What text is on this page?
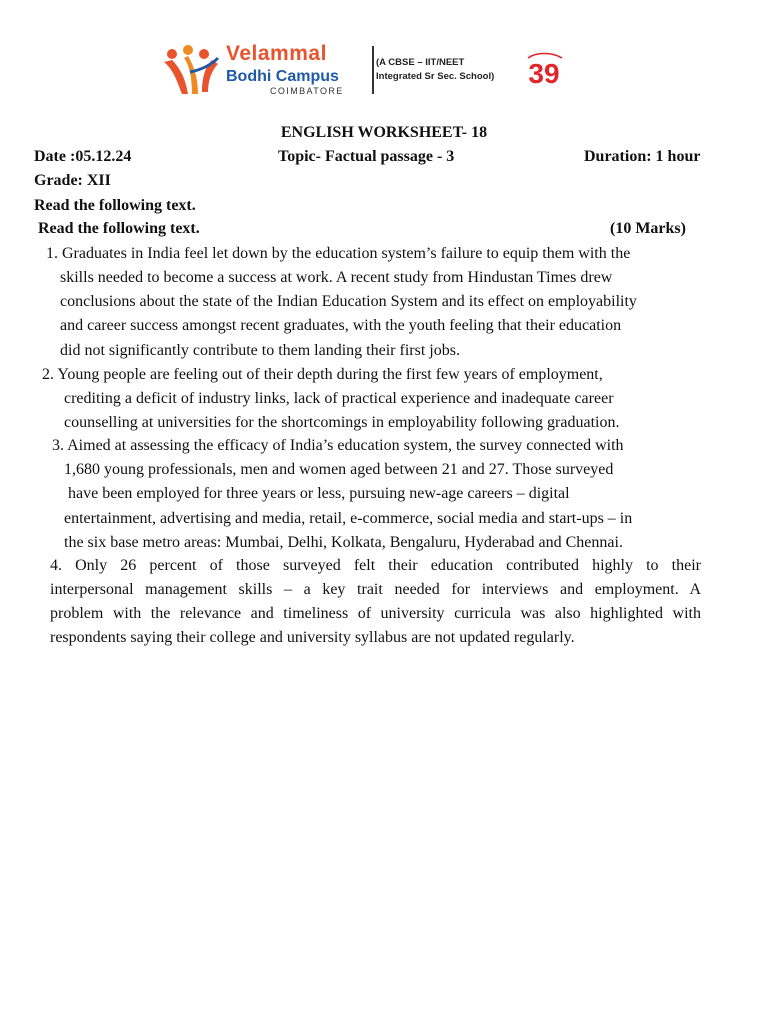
Velammal
Bodhi Campus
COIMBATORE
(A CBSE – IIT/NEET
Integrated Sr Sec. School) 39
ENGLISH WORKSHEET- 18
Date :05.12.24	Topic- Factual passage - 3	Duration: 1 hour
Grade: XII
Read the following text.
Read the following text.	(10 Marks)
1. Graduates in India feel let down by the education system’s failure to equip them with the
skills needed to become a success at work. A recent study from Hindustan Times drew
conclusions about the state of the Indian Education System and its effect on employability
and career success amongst recent graduates, with the youth feeling that their education
did not significantly contribute to them landing their first jobs.
2. Young people are feeling out of their depth during the first few years of employment,
crediting a deficit of industry links, lack of practical experience and inadequate career
counselling at universities for the shortcomings in employability following graduation.
3. Aimed at assessing the efficacy of India’s education system, the survey connected with
1,680 young professionals, men and women aged between 21 and 27. Those surveyed
have been employed for three years or less, pursuing new-age careers – digital
entertainment, advertising and media, retail, e-commerce, social media and start-ups – in
the six base metro areas: Mumbai, Delhi, Kolkata, Bengaluru, Hyderabad and Chennai.
4. Only 26 percent of those surveyed felt their education contributed highly to their
interpersonal management skills – a key trait needed for interviews and employment. A
problem with the relevance and timeliness of university curricula was also highlighted with
respondents saying their college and university syllabus are not updated regularly.
